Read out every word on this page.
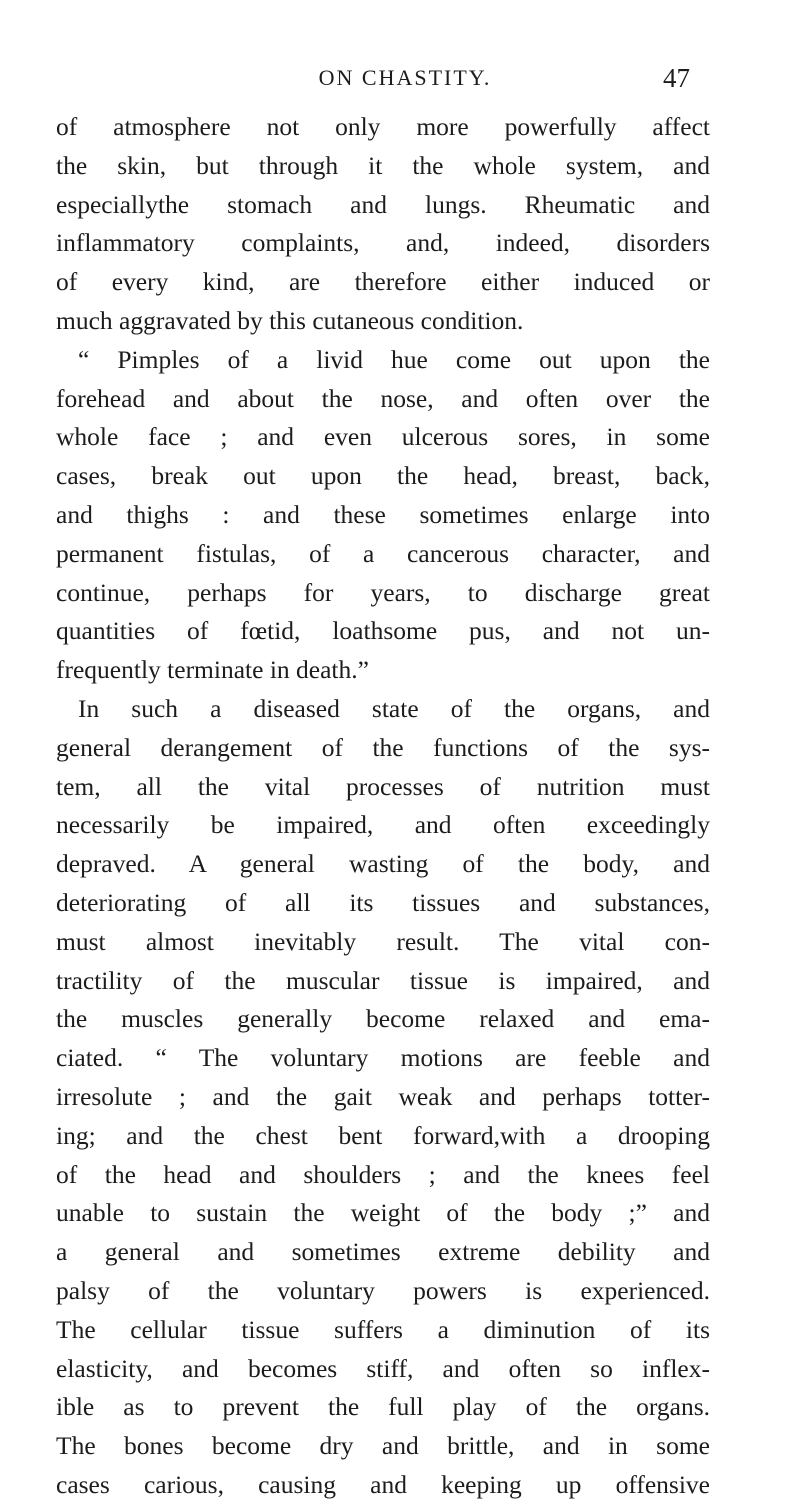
ON CHASTITY.	47
of atmosphere not only more powerfully affect
the skin, but through it the whole system, and
especiallythe stomach and lungs. Rheumatic and
inflammatory complaints, and, indeed, disorders
of every kind, are therefore either induced or
much aggravated by this cutaneous condition.
“ Pimples of a livid hue come out upon the
forehead and about the nose, and often over the
whole face ; and even ulcerous sores, in some
cases, break out upon the head, breast, back,
and thighs : and these sometimes enlarge into
permanent fistulas, of a cancerous character, and
continue, perhaps for years, to discharge great
quantities of fœtid, loathsome pus, and not un-
frequently terminate in death.”
In such a diseased state of the organs, and
general derangement of the functions of the sys-
tem, all the vital processes of nutrition must
necessarily be impaired, and often exceedingly
depraved. A general wasting of the body, and
deteriorating of all its tissues and substances,
must almost inevitably result. The vital con-
tractility of the muscular tissue is impaired, and
the muscles generally become relaxed and ema-
ciated. “ The voluntary motions are feeble and
irresolute ; and the gait weak and perhaps totter-
ing; and the chest bent forward,with a drooping
of the head and shoulders ; and the knees feel
unable to sustain the weight of the body ;” and
a general and sometimes extreme debility and
palsy of the voluntary powers is experienced.
The cellular tissue suffers a diminution of its
elasticity, and becomes stiff, and often so inflex-
ible as to prevent the full play of the organs.
The bones become dry and brittle, and in some
cases carious, causing and keeping up offensive
